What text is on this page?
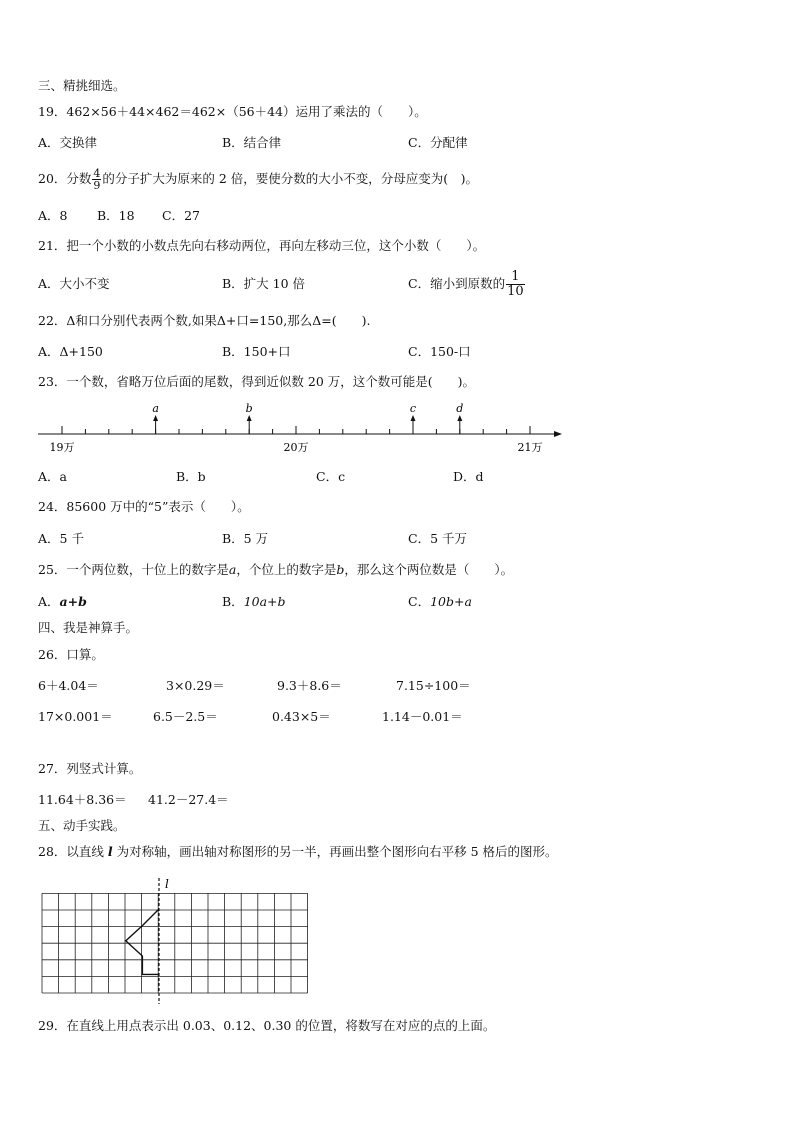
三、精挑细选。
19．462×56＋44×462＝462×（56＋44）运用了乘法的（　　）。
A．交换律	B．结合律	C．分配律
20．分数 $\frac{4}{9}$ 的分子扩大为原来的 2 倍，要使分数的大小不变，分母应变为(　)。
A．8 B．18 C．27
21．把一个小数的小数点先向右移动两位，再向左移动三位，这个小数（　　）。
A．大小不变	B．扩大 10 倍	C．缩小到原数的 $\frac{1}{10}$
22．Δ和口分别代表两个数,如果Δ+口=150,那么Δ=(　　).
A．Δ+150	B．150+口	C．150-口
23．一个数，省略万位后面的尾数，得到近似数 20 万，这个数可能是(　　)。
a	b	c	d
19万	20万	21万
A．a	B．b	C．c	D．d
24．85600 万中的“5”表示（　　）。
A．5 千	B．5 万	C．5 千万
25．一个两位数，十位上的数字是a，个位上的数字是b，那么这个两位数是（　　）。
A．a+b	B．10a+b	C．10b+a
四、我是神算手。
26．口算。
6＋4.04＝	3×0.29＝	9.3＋8.6＝	7.15÷100＝
17×0.001＝	6.5－2.5＝	0.43×5＝	1.14－0.01＝
27．列竖式计算。
11.64＋8.36＝ 41.2－27.4＝
五、动手实践。
28．以直线 l 为对称轴，画出轴对称图形的另一半，再画出整个图形向右平移 5 格后的图形。
l
29．在直线上用点表示出 0.03、0.12、0.30 的位置，将数写在对应的点的上面。
